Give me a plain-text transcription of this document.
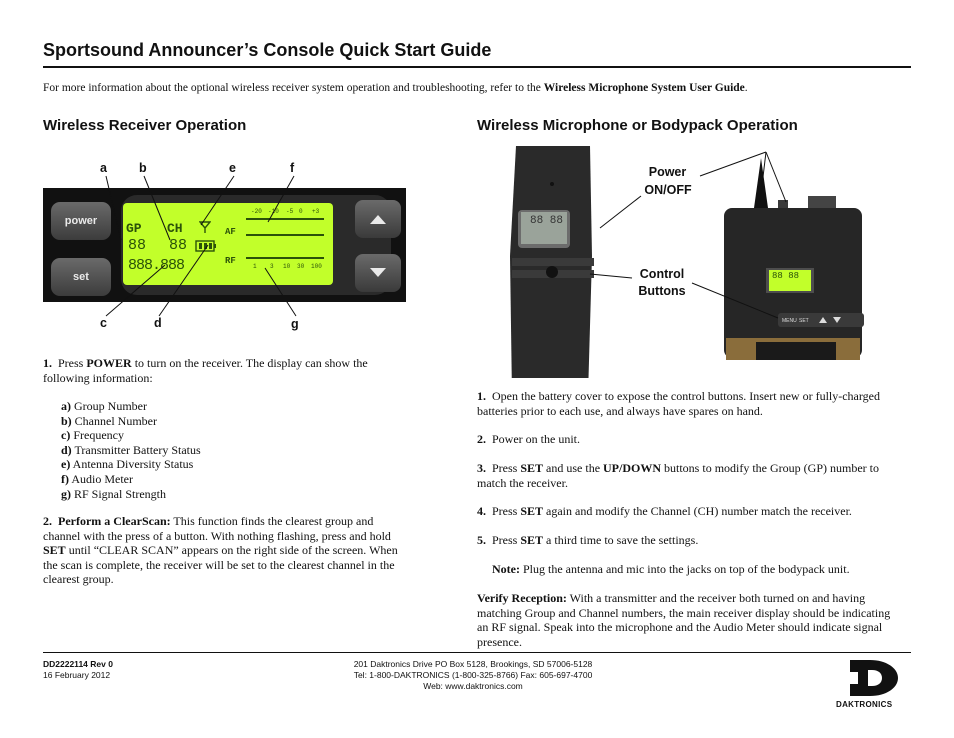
Sportsound Announcer’s Console Quick Start Guide
For more information about the optional wireless receiver system operation and troubleshooting, refer to the Wireless Microphone System User Guide.
Wireless Receiver Operation
a	b	e	f
c	d	g
power
set
GP CH
88 88
888.888
AF
RF
-20 -10 -5 0 +3
1 3 10 30 100
1. Press POWER to turn on the receiver. The display can show the following information:
a) Group Number
b) Channel Number
c) Frequency
d) Transmitter Battery Status
e) Antenna Diversity Status
f) Audio Meter
g) RF Signal Strength
2. Perform a ClearScan: This function finds the clearest group and channel with the press of a button. With nothing flashing, press and hold SET until “CLEAR SCAN” appears on the right side of the screen. When the scan is complete, the receiver will be set to the clearest channel in the clearest group.
Wireless Microphone or Bodypack Operation
88 88
88 88
MENU SET
Power
ON/OFF
Control
Buttons
1. Open the battery cover to expose the control buttons. Insert new or fully-charged batteries prior to each use, and always have spares on hand.
2. Power on the unit.
3. Press SET and use the UP/DOWN buttons to modify the Group (GP) number to match the receiver.
4. Press SET again and modify the Channel (CH) number match the receiver.
5. Press SET a third time to save the settings.
Note: Plug the antenna and mic into the jacks on top of the bodypack unit.
Verify Reception: With a transmitter and the receiver both turned on and having matching Group and Channel numbers, the main receiver display should be indicating an RF signal. Speak into the microphone and the Audio Meter should indicate signal presence.
DD2222114 Rev 0
16 February 2012
201 Daktronics Drive PO Box 5128, Brookings, SD 57006-5128
Tel: 1-800-DAKTRONICS (1-800-325-8766) Fax: 605-697-4700
Web: www.daktronics.com
DAKTRONICS
